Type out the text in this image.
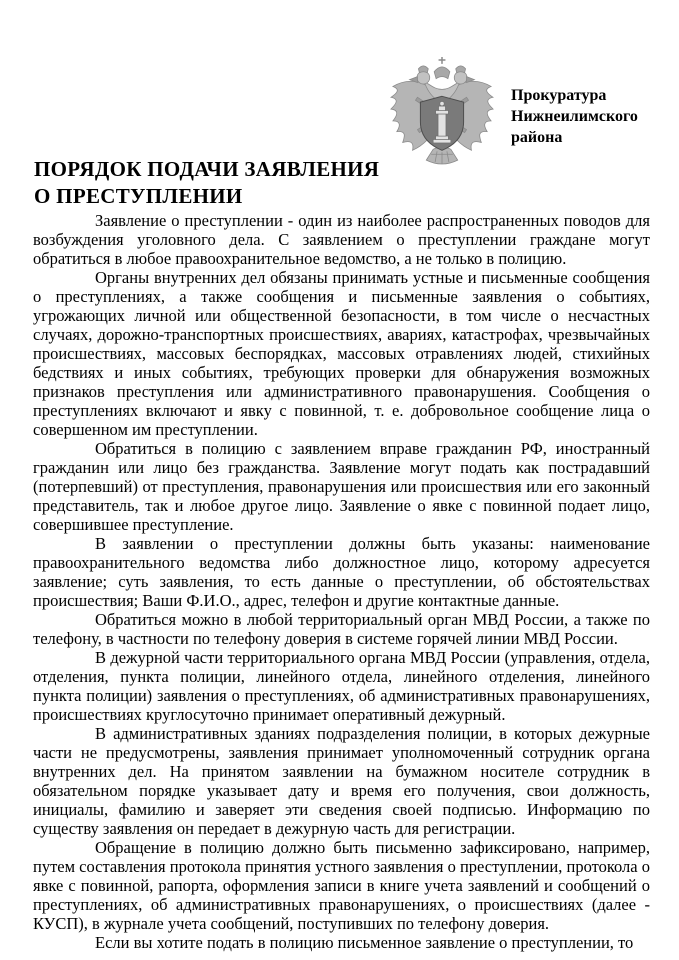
Прокуратура
Нижнеилимского
района
ПОРЯДОК ПОДАЧИ ЗАЯВЛЕНИЯ
О ПРЕСТУПЛЕНИИ

Заявление о преступлении - один из наиболее распространенных поводов для возбуждения уголовного дела. С заявлением о преступлении граждане могут обратиться в любое правоохранительное ведомство, а не только в полицию.

Органы внутренних дел обязаны принимать устные и письменные сообщения о преступлениях, а также сообщения и письменные заявления о событиях, угрожающих личной или общественной безопасности, в том числе о несчастных случаях, дорожно-транспортных происшествиях, авариях, катастрофах, чрезвычайных происшествиях, массовых беспорядках, массовых отравлениях людей, стихийных бедствиях и иных событиях, требующих проверки для обнаружения возможных признаков преступления или административного правонарушения. Сообщения о преступлениях включают и явку с повинной, т. е. добровольное сообщение лица о совершенном им преступлении.

Обратиться в полицию с заявлением вправе гражданин РФ, иностранный гражданин или лицо без гражданства. Заявление могут подать как пострадавший (потерпевший) от преступления, правонарушения или происшествия или его законный представитель, так и любое другое лицо. Заявление о явке с повинной подает лицо, совершившее преступление.

В заявлении о преступлении должны быть указаны: наименование правоохранительного ведомства либо должностное лицо, которому адресуется заявление; суть заявления, то есть данные о преступлении, об обстоятельствах происшествия; Ваши Ф.И.О., адрес, телефон и другие контактные данные.

Обратиться можно в любой территориальный орган МВД России, а также по телефону, в частности по телефону доверия в системе горячей линии МВД России.

В дежурной части территориального органа МВД России (управления, отдела, отделения, пункта полиции, линейного отдела, линейного отделения, линейного пункта полиции) заявления о преступлениях, об административных правонарушениях, происшествиях круглосуточно принимает оперативный дежурный.

В административных зданиях подразделения полиции, в которых дежурные части не предусмотрены, заявления принимает уполномоченный сотрудник органа внутренних дел. На принятом заявлении на бумажном носителе сотрудник в обязательном порядке указывает дату и время его получения, свои должность, инициалы, фамилию и заверяет эти сведения своей подписью. Информацию по существу заявления он передает в дежурную часть для регистрации.

Обращение в полицию должно быть письменно зафиксировано, например, путем составления протокола принятия устного заявления о преступлении, протокола о явке с повинной, рапорта, оформления записи в книге учета заявлений и сообщений о преступлениях, об административных правонарушениях, о происшествиях (далее - КУСП), в журнале учета сообщений, поступивших по телефону доверия.

Если вы хотите подать в полицию письменное заявление о преступлении, то
